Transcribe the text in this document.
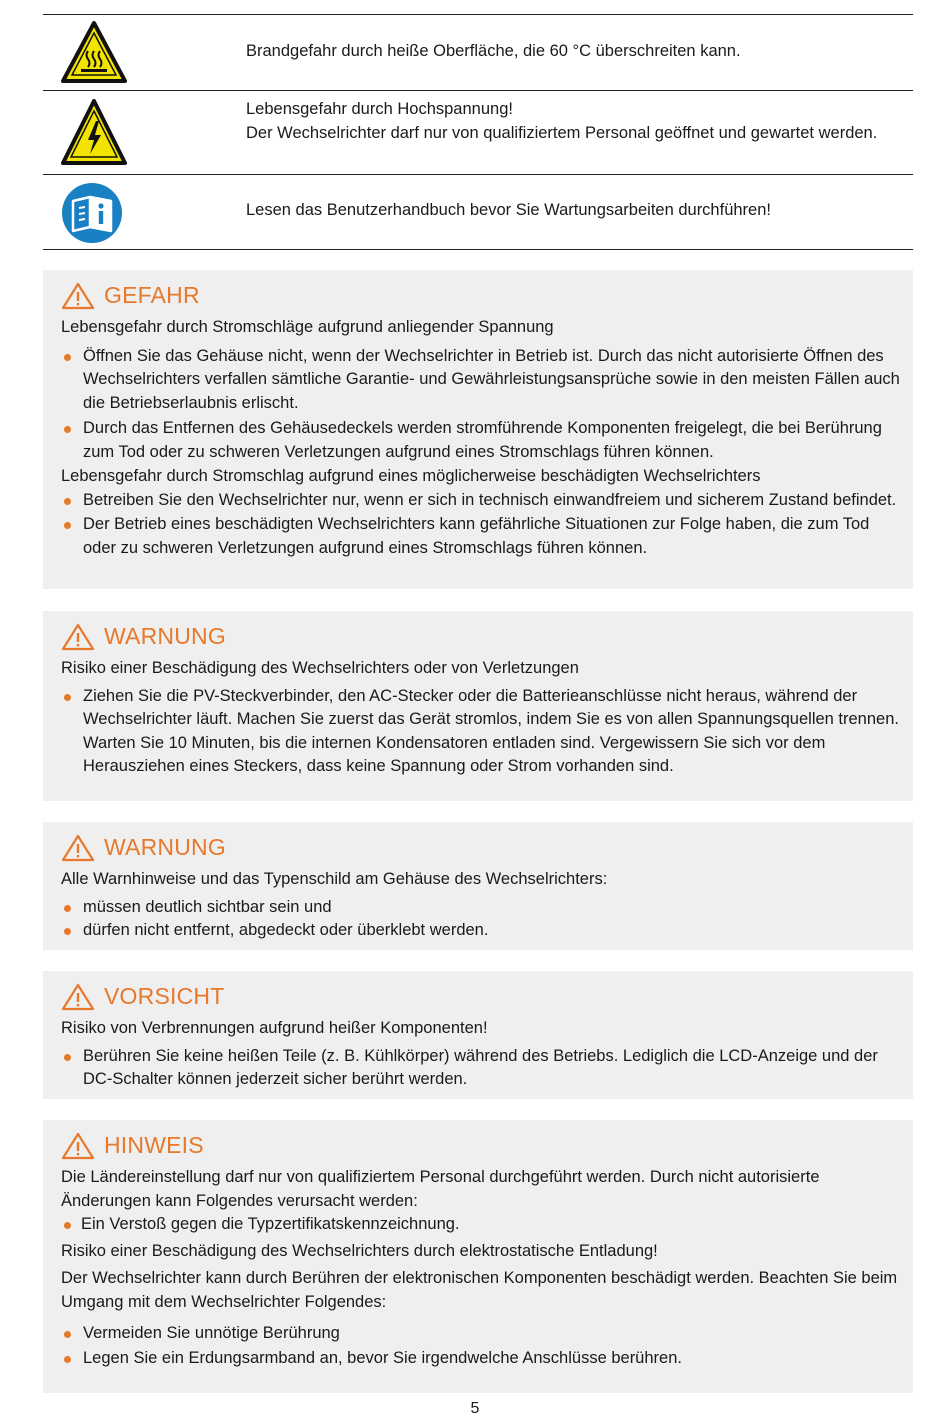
Brandgefahr durch heiße Oberfläche, die 60 °C überschreiten kann.
Lebensgefahr durch Hochspannung!
Der Wechselrichter darf nur von qualifiziertem Personal geöffnet und gewartet werden.
Lesen das Benutzerhandbuch bevor Sie Wartungsarbeiten durchführen!
GEFAHR

Lebensgefahr durch Stromschläge aufgrund anliegender Spannung

Öffnen Sie das Gehäuse nicht, wenn der Wechselrichter in Betrieb ist. Durch das nicht autorisierte Öffnen des Wechselrichters verfallen sämtliche Garantie- und Gewährleistungsansprüche sowie in den meisten Fällen auch die Betriebserlaubnis erlischt.

Durch das Entfernen des Gehäusedeckels werden stromführende Komponenten freigelegt, die bei Berührung zum Tod oder zu schweren Verletzungen aufgrund eines Stromschlags führen können.

Lebensgefahr durch Stromschlag aufgrund eines möglicherweise beschädigten Wechselrichters

Betreiben Sie den Wechselrichter nur, wenn er sich in technisch einwandfreiem und sicherem Zustand befindet.

Der Betrieb eines beschädigten Wechselrichters kann gefährliche Situationen zur Folge haben, die zum Tod oder zu schweren Verletzungen aufgrund eines Stromschlags führen können.

WARNUNG

Risiko einer Beschädigung des Wechselrichters oder von Verletzungen

Ziehen Sie die PV-Steckverbinder, den AC-Stecker oder die Batterieanschlüsse nicht heraus, während der Wechselrichter läuft. Machen Sie zuerst das Gerät stromlos, indem Sie es von allen Spannungsquellen trennen. Warten Sie 10 Minuten, bis die internen Kondensatoren entladen sind. Vergewissern Sie sich vor dem Herausziehen eines Steckers, dass keine Spannung oder Strom vorhanden sind.

WARNUNG

Alle Warnhinweise und das Typenschild am Gehäuse des Wechselrichters:

müssen deutlich sichtbar sein und

dürfen nicht entfernt, abgedeckt oder überklebt werden.

VORSICHT

Risiko von Verbrennungen aufgrund heißer Komponenten!

Berühren Sie keine heißen Teile (z. B. Kühlkörper) während des Betriebs. Lediglich die LCD-Anzeige und der DC-Schalter können jederzeit sicher berührt werden.

HINWEIS

Die Ländereinstellung darf nur von qualifiziertem Personal durchgeführt werden. Durch nicht autorisierte Änderungen kann Folgendes verursacht werden:

Ein Verstoß gegen die Typzertifikatskennzeichnung.

Risiko einer Beschädigung des Wechselrichters durch elektrostatische Entladung!

Der Wechselrichter kann durch Berühren der elektronischen Komponenten beschädigt werden. Beachten Sie beim Umgang mit dem Wechselrichter Folgendes:

Vermeiden Sie unnötige Berührung

Legen Sie ein Erdungsarmband an, bevor Sie irgendwelche Anschlüsse berühren.

5
